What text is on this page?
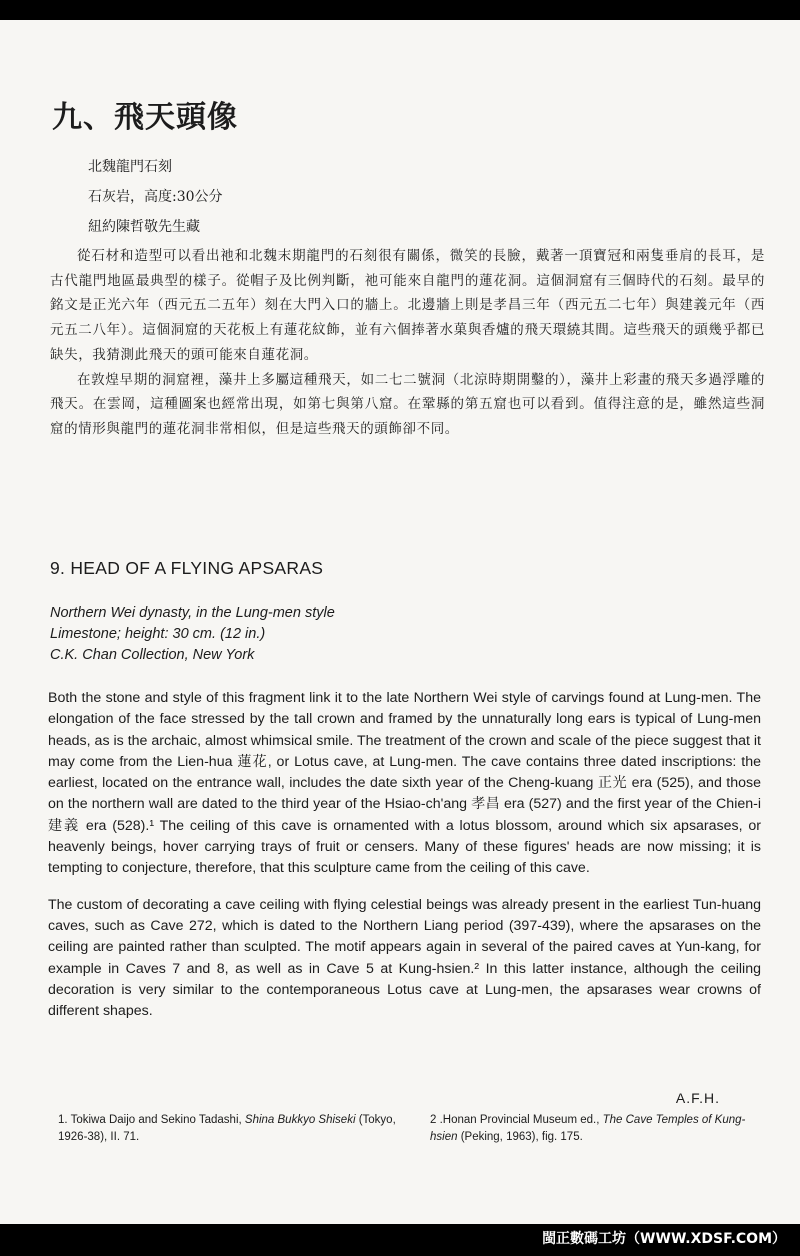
九、飛天頭像
北魏龍門石刻
石灰岩，高度:30公分
紐約陳哲敬先生藏

從石材和造型可以看出祂和北魏末期龍門的石刻很有關係，微笑的長臉，戴著一頂寶冠和兩隻垂肩的長耳，是古代龍門地區最典型的樣子。從帽子及比例判斷，祂可能來自龍門的蓮花洞。這個洞窟有三個時代的石刻。最早的銘文是正光六年（西元五二五年）刻在大門入口的牆上。北邊牆上則是孝昌三年（西元五二七年）與建義元年（西元五二八年）。這個洞窟的天花板上有蓮花紋飾，並有六個捧著水菓與香爐的飛天環繞其間。這些飛天的頭幾乎都已缺失，我猜測此飛天的頭可能來自蓮花洞。

在敦煌早期的洞窟裡，藻井上多屬這種飛天，如二七二號洞（北涼時期開鑿的），藻井上彩畫的飛天多過浮雕的飛天。在雲岡，這種圖案也經常出現，如第七與第八窟。在鞏縣的第五窟也可以看到。值得注意的是，雖然這些洞窟的情形與龍門的蓮花洞非常相似，但是這些飛天的頭飾卻不同。

9. HEAD OF A FLYING APSARAS
Northern Wei dynasty, in the Lung-men style
Limestone; height: 30 cm. (12 in.)
C.K. Chan Collection, New York

Both the stone and style of this fragment link it to the late Northern Wei style of carvings found at Lung-men. The elongation of the face stressed by the tall crown and framed by the unnaturally long ears is typical of Lung-men heads, as is the archaic, almost whimsical smile. The treatment of the crown and scale of the piece suggest that it may come from the Lien-hua 蓮花, or Lotus cave, at Lung-men. The cave contains three dated inscriptions: the earliest, located on the entrance wall, includes the date sixth year of the Cheng-kuang 正光 era (525), and those on the northern wall are dated to the third year of the Hsiao-ch'ang 孝昌 era (527) and the first year of the Chien-i 建義 era (528).¹ The ceiling of this cave is ornamented with a lotus blossom, around which six apsarases, or heavenly beings, hover carrying trays of fruit or censers. Many of these figures' heads are now missing; it is tempting to conjecture, therefore, that this sculpture came from the ceiling of this cave.

The custom of decorating a cave ceiling with flying celestial beings was already present in the earliest Tun-huang caves, such as Cave 272, which is dated to the Northern Liang period (397-439), where the apsarases on the ceiling are painted rather than sculpted. The motif appears again in several of the paired caves at Yun-kang, for example in Caves 7 and 8, as well as in Cave 5 at Kung-hsien.² In this latter instance, although the ceiling decoration is very similar to the contemporaneous Lotus cave at Lung-men, the apsarases wear crowns of different shapes.

A.F.H.
1. Tokiwa Daijo and Sekino Tadashi, Shina Bukkyo Shiseki (Tokyo, 1926-38), II. 71.
2 .Honan Provincial Museum ed., The Cave Temples of Kung-hsien (Peking, 1963), fig. 175.
閩正數碼工坊（WWW.XDSF.COM）
